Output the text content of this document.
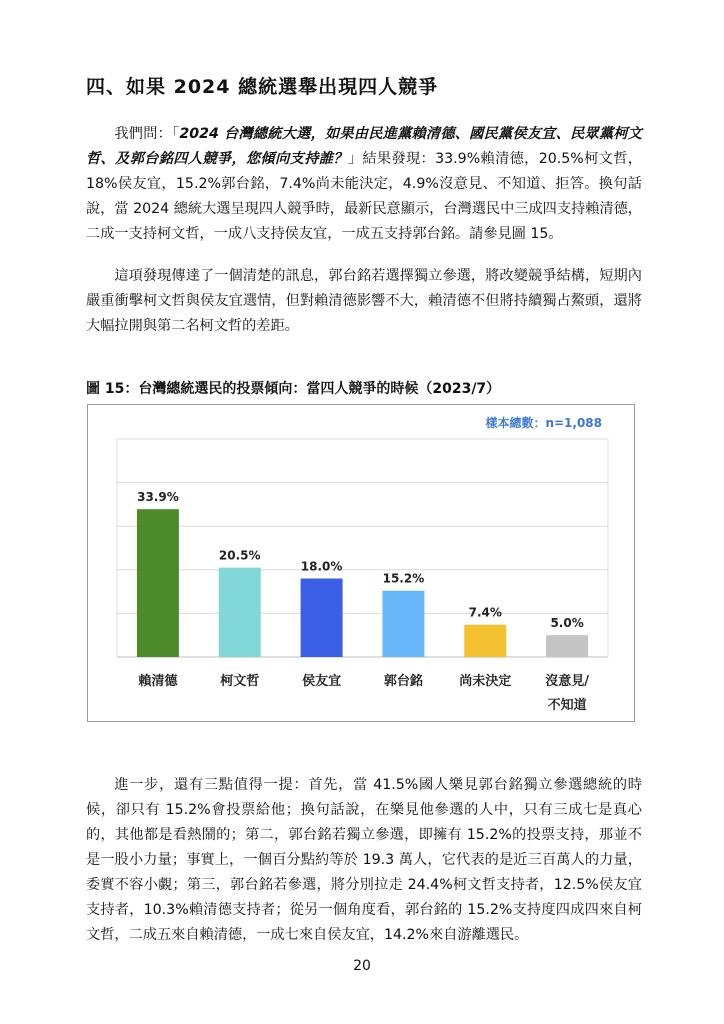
四、如果 2024 總統選舉出現四人競爭

我們問：「2024 台灣總統大選，如果由民進黨賴清德、國民黨侯友宜、民眾黨柯文哲、及郭台銘四人競爭，您傾向支持誰？」結果發現：33.9%賴清德，20.5%柯文哲，18%侯友宜，15.2%郭台銘，7.4%尚未能決定，4.9%沒意見、不知道、拒答。換句話說，當 2024 總統大選呈現四人競爭時，最新民意顯示，台灣選民中三成四支持賴清德，二成一支持柯文哲，一成八支持侯友宜，一成五支持郭台銘。請參見圖 15。

這項發現傳達了一個清楚的訊息，郭台銘若選擇獨立參選，將改變競爭結構，短期內嚴重衝擊柯文哲與侯友宜選情，但對賴清德影響不大，賴清德不但將持續獨占鰲頭，還將大幅拉開與第二名柯文哲的差距。

圖 15：台灣總統選民的投票傾向：當四人競爭的時候（2023/7）
樣本總數：n=1,088
33.9%
賴清德
20.5%
柯文哲
18.0%
侯友宜
15.2%
郭台銘
7.4%
尚未決定
5.0%
沒意見/
不知道

進一步，還有三點值得一提：首先，當 41.5%國人樂見郭台銘獨立參選總統的時候，卻只有 15.2%會投票給他；換句話說，在樂見他參選的人中，只有三成七是真心的，其他都是看熱鬧的；第二，郭台銘若獨立參選，即擁有 15.2%的投票支持，那並不是一股小力量；事實上，一個百分點約等於 19.3 萬人，它代表的是近三百萬人的力量，委實不容小覷；第三，郭台銘若參選，將分別拉走 24.4%柯文哲支持者，12.5%侯友宜支持者，10.3%賴清德支持者；從另一個角度看，郭台銘的 15.2%支持度四成四來自柯文哲，二成五來自賴清德，一成七來自侯友宜，14.2%來自游離選民。

20
